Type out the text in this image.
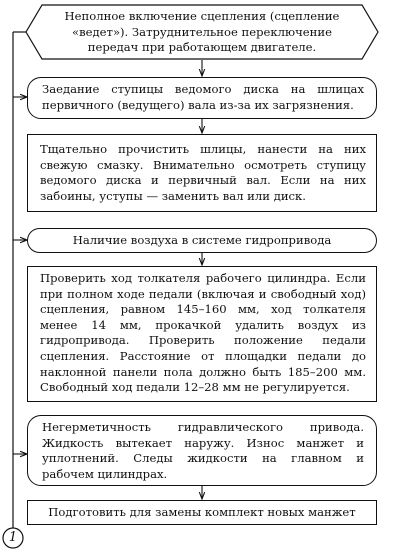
Неполное включение сцепления (сцепление «ведет»). Затруднительное переключение передач при работающем двигателе.
Заедание ступицы ведомого диска на шлицах первичного (ведущего) вала из-за их загрязнения.
Тщательно прочистить шлицы, нанести на них свежую смазку. Внимательно осмотреть ступицу ведомого диска и первичный вал. Если на них забоины, уступы — заменить вал или диск.
Наличие воздуха в системе гидропривода
Проверить ход толкателя рабочего цилиндра. Если при полном ходе педали (включая и свободный ход) сцепления, равном 145–160 мм, ход толкателя менее 14 мм, прокачкой удалить воздух из гидропривода. Проверить положение педали сцепления. Расстояние от площадки педали до наклонной панели пола должно быть 185–200 мм. Свободный ход педали 12–28 мм не регулируется.
Негерметичность гидравлического привода. Жидкость вытекает наружу. Износ манжет и уплотнений. Следы жидкости на главном и рабочем цилиндрах.
Подготовить для замены комплект новых манжет
1
